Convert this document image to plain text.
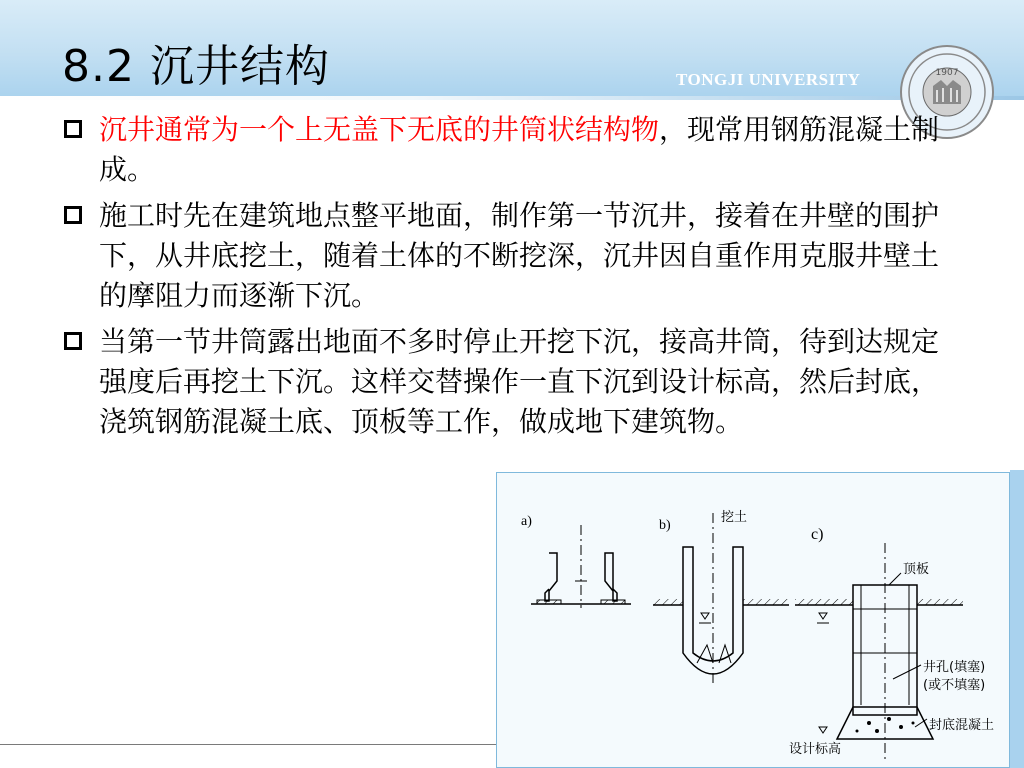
8.2 沉井结构	TONGJI UNIVERSITY	1907
沉井通常为一个上无盖下无底的井筒状结构物，现常用钢筋混凝土制成。
施工时先在建筑地点整平地面，制作第一节沉井，接着在井壁的围护下，从井底挖土，随着土体的不断挖深，沉井因自重作用克服井壁土的摩阻力而逐渐下沉。
当第一节井筒露出地面不多时停止开挖下沉，接高井筒，待到达规定强度后再挖土下沉。这样交替操作一直下沉到设计标高，然后封底，浇筑钢筋混凝土底、顶板等工作，做成地下建筑物。
a)	b)
挖土
c)
顶板
井孔(填塞)
(或不填塞)
封底混凝土
设计标高
